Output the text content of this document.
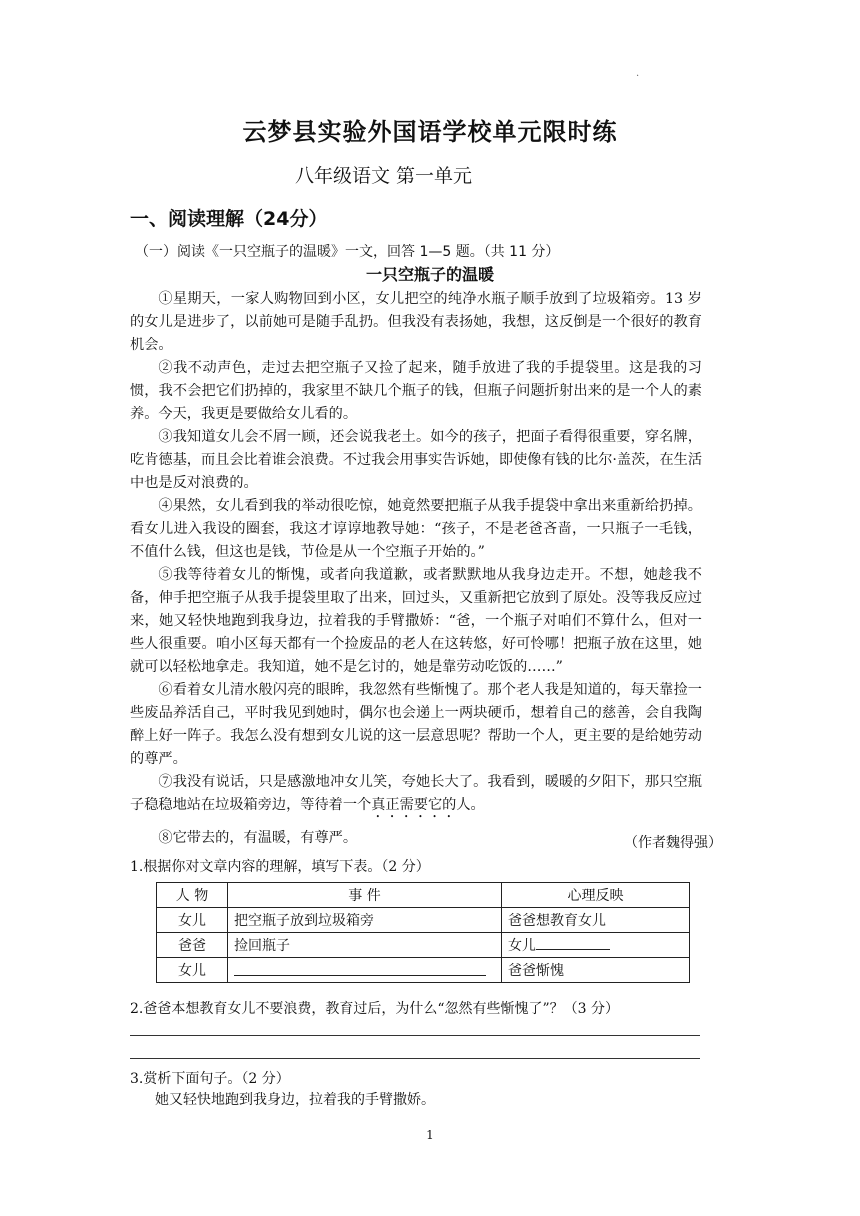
.
云梦县实验外国语学校单元限时练
八年级语文 第一单元
一、阅读理解（24分）
（一）阅读《一只空瓶子的温暖》一文，回答 1—5 题。（共 11 分）
一只空瓶子的温暖

①星期天，一家人购物回到小区，女儿把空的纯净水瓶子顺手放到了垃圾箱旁。13 岁的女儿是进步了，以前她可是随手乱扔。但我没有表扬她，我想，这反倒是一个很好的教育机会。

②我不动声色，走过去把空瓶子又捡了起来，随手放进了我的手提袋里。这是我的习惯，我不会把它们扔掉的，我家里不缺几个瓶子的钱，但瓶子问题折射出来的是一个人的素养。今天，我更是要做给女儿看的。

③我知道女儿会不屑一顾，还会说我老土。如今的孩子，把面子看得很重要，穿名牌，吃肯德基，而且会比着谁会浪费。不过我会用事实告诉她，即使像有钱的比尔·盖茨，在生活中也是反对浪费的。

④果然，女儿看到我的举动很吃惊，她竟然要把瓶子从我手提袋中拿出来重新给扔掉。看女儿进入我设的圈套，我这才谆谆地教导她：“孩子，不是老爸吝啬，一只瓶子一毛钱，不值什么钱，但这也是钱，节俭是从一个空瓶子开始的。”

⑤我等待着女儿的惭愧，或者向我道歉，或者默默地从我身边走开。不想，她趁我不备，伸手把空瓶子从我手提袋里取了出来，回过头，又重新把它放到了原处。没等我反应过来，她又轻快地跑到我身边，拉着我的手臂撒娇：“爸，一个瓶子对咱们不算什么，但对一些人很重要。咱小区每天都有一个捡废品的老人在这转悠，好可怜哪！把瓶子放在这里，她就可以轻松地拿走。我知道，她不是乞讨的，她是靠劳动吃饭的……”

⑥看着女儿清水般闪亮的眼眸，我忽然有些惭愧了。那个老人我是知道的，每天靠捡一些废品养活自己，平时我见到她时，偶尔也会递上一两块硬币，想着自己的慈善，会自我陶醉上好一阵子。我怎么没有想到女儿说的这一层意思呢？帮助一个人，更主要的是给她劳动的尊严。

⑦我没有说话，只是感激地冲女儿笑，夸她长大了。我看到，暖暖的夕阳下，那只空瓶子稳稳地站在垃圾箱旁边，等待着一个真正需要它的人。

⑧它带去的，有温暖，有尊严。	（作者魏得强）
1.根据你对文章内容的理解，填写下表。（2 分）
人 物	事 件	心理反映
女儿	把空瓶子放到垃圾箱旁	爸爸想教育女儿
爸爸	捡回瓶子	女儿
女儿		爸爸惭愧
2.爸爸本想教育女儿不要浪费，教育过后，为什么“忽然有些惭愧了”？（3 分）
3.赏析下面句子。（2 分）
她又轻快地跑到我身边，拉着我的手臂撒娇。
1
